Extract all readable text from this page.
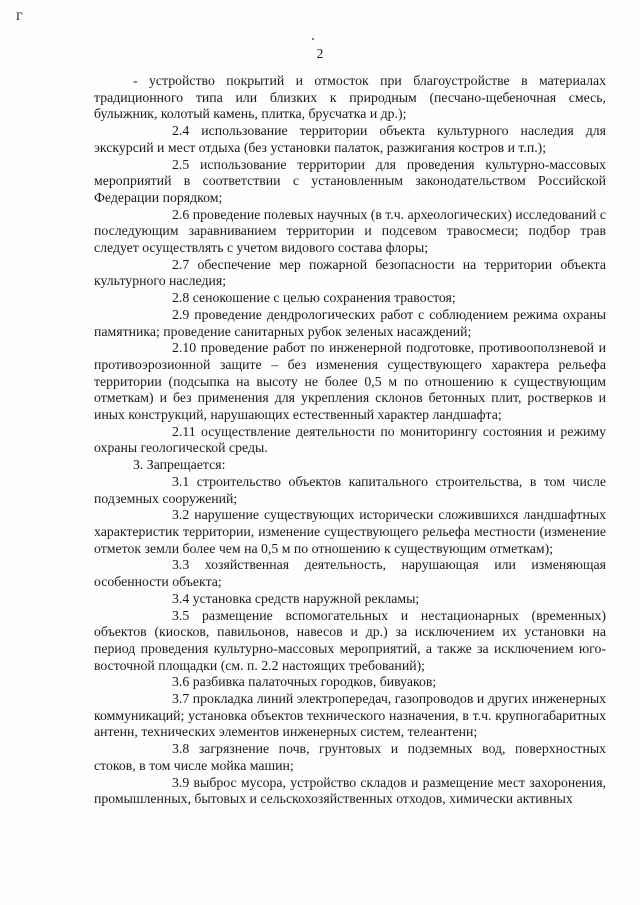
г
2

- устройство покрытий и отмосток при благоустройстве в материалах традиционного типа или близких к природным (песчано-щебеночная смесь, булыжник, колотый камень, плитка, брусчатка и др.);

2.4 использование территории объекта культурного наследия для экскурсий и мест отдыха (без установки палаток, разжигания костров и т.п.);

2.5 использование территории для проведения культурно-массовых мероприятий в соответствии с установленным законодательством Российской Федерации порядком;

2.6 проведение полевых научных (в т.ч. археологических) исследований с последующим заравниванием территории и подсевом травосмеси; подбор трав следует осуществлять с учетом видового состава флоры;

2.7 обеспечение мер пожарной безопасности на территории объекта культурного наследия;

2.8 сенокошение с целью сохранения травостоя;

2.9 проведение дендрологических работ с соблюдением режима охраны памятника; проведение санитарных рубок зеленых насаждений;

2.10 проведение работ по инженерной подготовке, противооползневой и противоэрозионной защите – без изменения существующего характера рельефа территории (подсыпка на высоту не более 0,5 м по отношению к существующим отметкам) и без применения для укрепления склонов бетонных плит, ростверков и иных конструкций, нарушающих естественный характер ландшафта;

2.11 осуществление деятельности по мониторингу состояния и режиму охраны геологической среды.

3. Запрещается:

3.1 строительство объектов капитального строительства, в том числе подземных сооружений;

3.2 нарушение существующих исторически сложившихся ландшафтных характеристик территории, изменение существующего рельефа местности (изменение отметок земли более чем на 0,5 м по отношению к существующим отметкам);

3.3 хозяйственная деятельность, нарушающая или изменяющая особенности объекта;

3.4 установка средств наружной рекламы;

3.5 размещение вспомогательных и нестационарных (временных) объектов (киосков, павильонов, навесов и др.) за исключением их установки на период проведения культурно-массовых мероприятий, а также за исключением юго-восточной площадки (см. п. 2.2 настоящих требований);

3.6 разбивка палаточных городков, бивуаков;

3.7 прокладка линий электропередач, газопроводов и других инженерных коммуникаций; установка объектов технического назначения, в т.ч. крупногабаритных антенн, технических элементов инженерных систем, телеантенн;

3.8 загрязнение почв, грунтовых и подземных вод, поверхностных стоков, в том числе мойка машин;

3.9 выброс мусора, устройство складов и размещение мест захоронения, промышленных, бытовых и сельскохозяйственных отходов, химически активных
